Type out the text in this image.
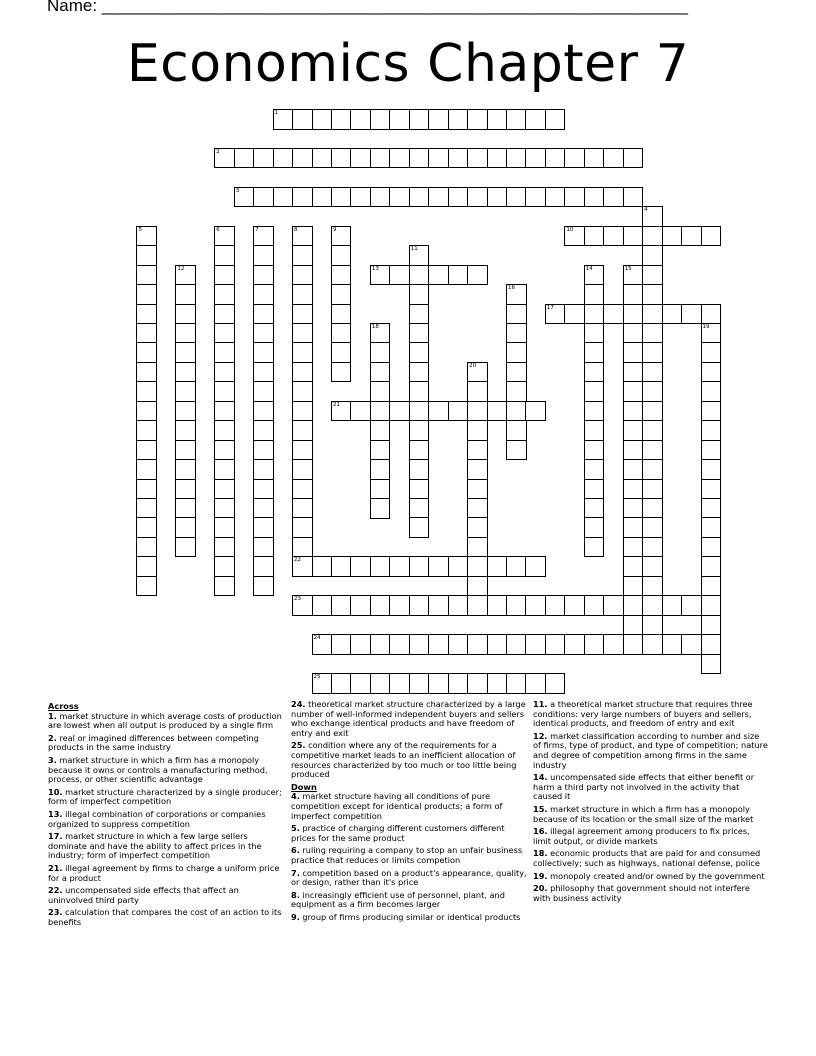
Name: ______________________________________________________________
Economics Chapter 7
1
2
3
4
5	6	7	8
22
9	10
11
12	13	14	15
16
17
18	19
20
21
23
24
25
Across
1. market structure in which average costs of production are lowest when all output is produced by a single firm
2. real or imagined differences between competing products in the same industry
3. market structure in which a firm has a monopoly because it owns or controls a manufacturing method, process, or other scientific advantage
10. market structure characterized by a single producer; form of imperfect competition
13. illegal combination of corporations or companies organized to suppress competition
17. market structure in which a few large sellers dominate and have the ability to affect prices in the industry; form of imperfect competition
21. illegal agreement by firms to charge a uniform price for a product
22. uncompensated side effects that affect an uninvolved third party
23. calculation that compares the cost of an action to its benefits
24. theoretical market structure characterized by a large number of well-informed independent buyers and sellers who exchange identical products and have freedom of entry and exit
25. condition where any of the requirements for a competitive market leads to an inefficient allocation of resources characterized by too much or too little being produced
Down
4. market structure having all conditions of pure competition except for identical products; a form of imperfect competition
5. practice of charging different customers different prices for the same product
6. ruling requiring a company to stop an unfair business practice that reduces or limits competion
7. competition based on a product's appearance, quality, or design, rather than it's price
8. increasingly efficient use of personnel, plant, and equipment as a firm becomes larger
9. group of firms producing similar or identical products
11. a theoretical market structure that requires three conditions: very large numbers of buyers and sellers, identical products, and freedom of entry and exit
12. market classification according to number and size of firms, type of product, and type of competition; nature and degree of competition among firms in the same industry
14. uncompensated side effects that either benefit or harm a third party not involved in the activity that caused it
15. market structure in which a firm has a monopoly because of its location or the small size of the market
16. illegal agreement among producers to fix prices, limit output, or divide markets
18. economic products that are paid for and consumed collectively; such as highways, national defense, police
19. monopoly created and/or owned by the government
20. philosophy that government should not interfere with business activity
